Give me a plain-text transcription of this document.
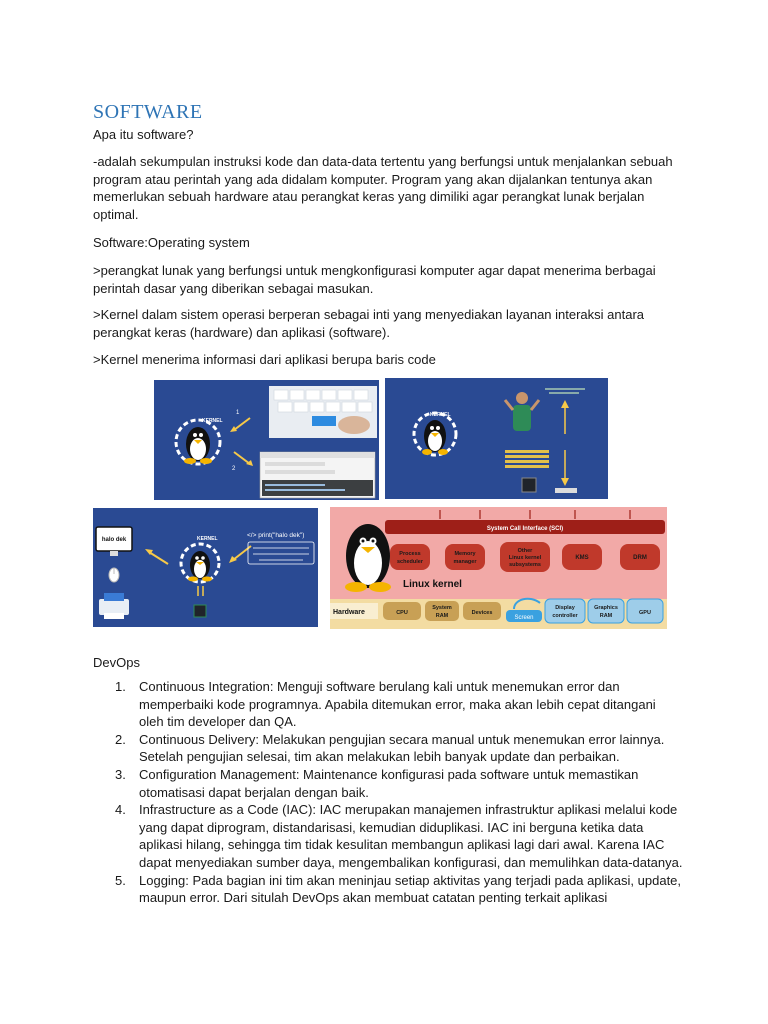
SOFTWARE
Apa itu software?
-adalah sekumpulan instruksi kode dan data-data tertentu yang berfungsi untuk menjalankan sebuah program atau perintah yang ada didalam komputer. Program yang akan dijalankan tentunya akan memerlukan sebuah hardware atau perangkat keras yang dimiliki agar perangkat lunak berjalan optimal.
Software:Operating system
>perangkat lunak yang berfungsi untuk mengkonfigurasi komputer agar dapat menerima berbagai perintah dasar yang diberikan sebagai masukan.
>Kernel dalam sistem operasi berperan sebagai inti yang menyediakan layanan interaksi antara perangkat keras (hardware) dan aplikasi (software).
>Kernel menerima informasi dari aplikasi berupa baris code
KERNEL
1
2
KERNEL
halo dek	KERNEL	</> print("halo dek")
System Call Interface (SCI)
Process
scheduler
Memory
manager
Other
Linux kernel
subsystems
KMS	DRM
Linux kernel
Hardware	CPU
System
RAM	Devices
Screen
Display
controller
Graphics
RAM	GPU
DevOps
1. Continuous Integration: Menguji software berulang kali untuk menemukan error dan memperbaiki kode programnya. Apabila ditemukan error, maka akan lebih cepat ditangani oleh tim developer dan QA.
2. Continuous Delivery: Melakukan pengujian secara manual untuk menemukan error lainnya. Setelah pengujian selesai, tim akan melakukan lebih banyak update dan perbaikan.
3. Configuration Management: Maintenance konfigurasi pada software untuk memastikan otomatisasi dapat berjalan dengan baik.
4. Infrastructure as a Code (IAC): IAC merupakan manajemen infrastruktur aplikasi melalui kode yang dapat diprogram, distandarisasi, kemudian diduplikasi. IAC ini berguna ketika data aplikasi hilang, sehingga tim tidak kesulitan membangun aplikasi lagi dari awal. Karena IAC dapat menyediakan sumber daya, mengembalikan konfigurasi, dan memulihkan data-datanya.
5. Logging: Pada bagian ini tim akan meninjau setiap aktivitas yang terjadi pada aplikasi, update, maupun error. Dari situlah DevOps akan membuat catatan penting terkait aplikasi
